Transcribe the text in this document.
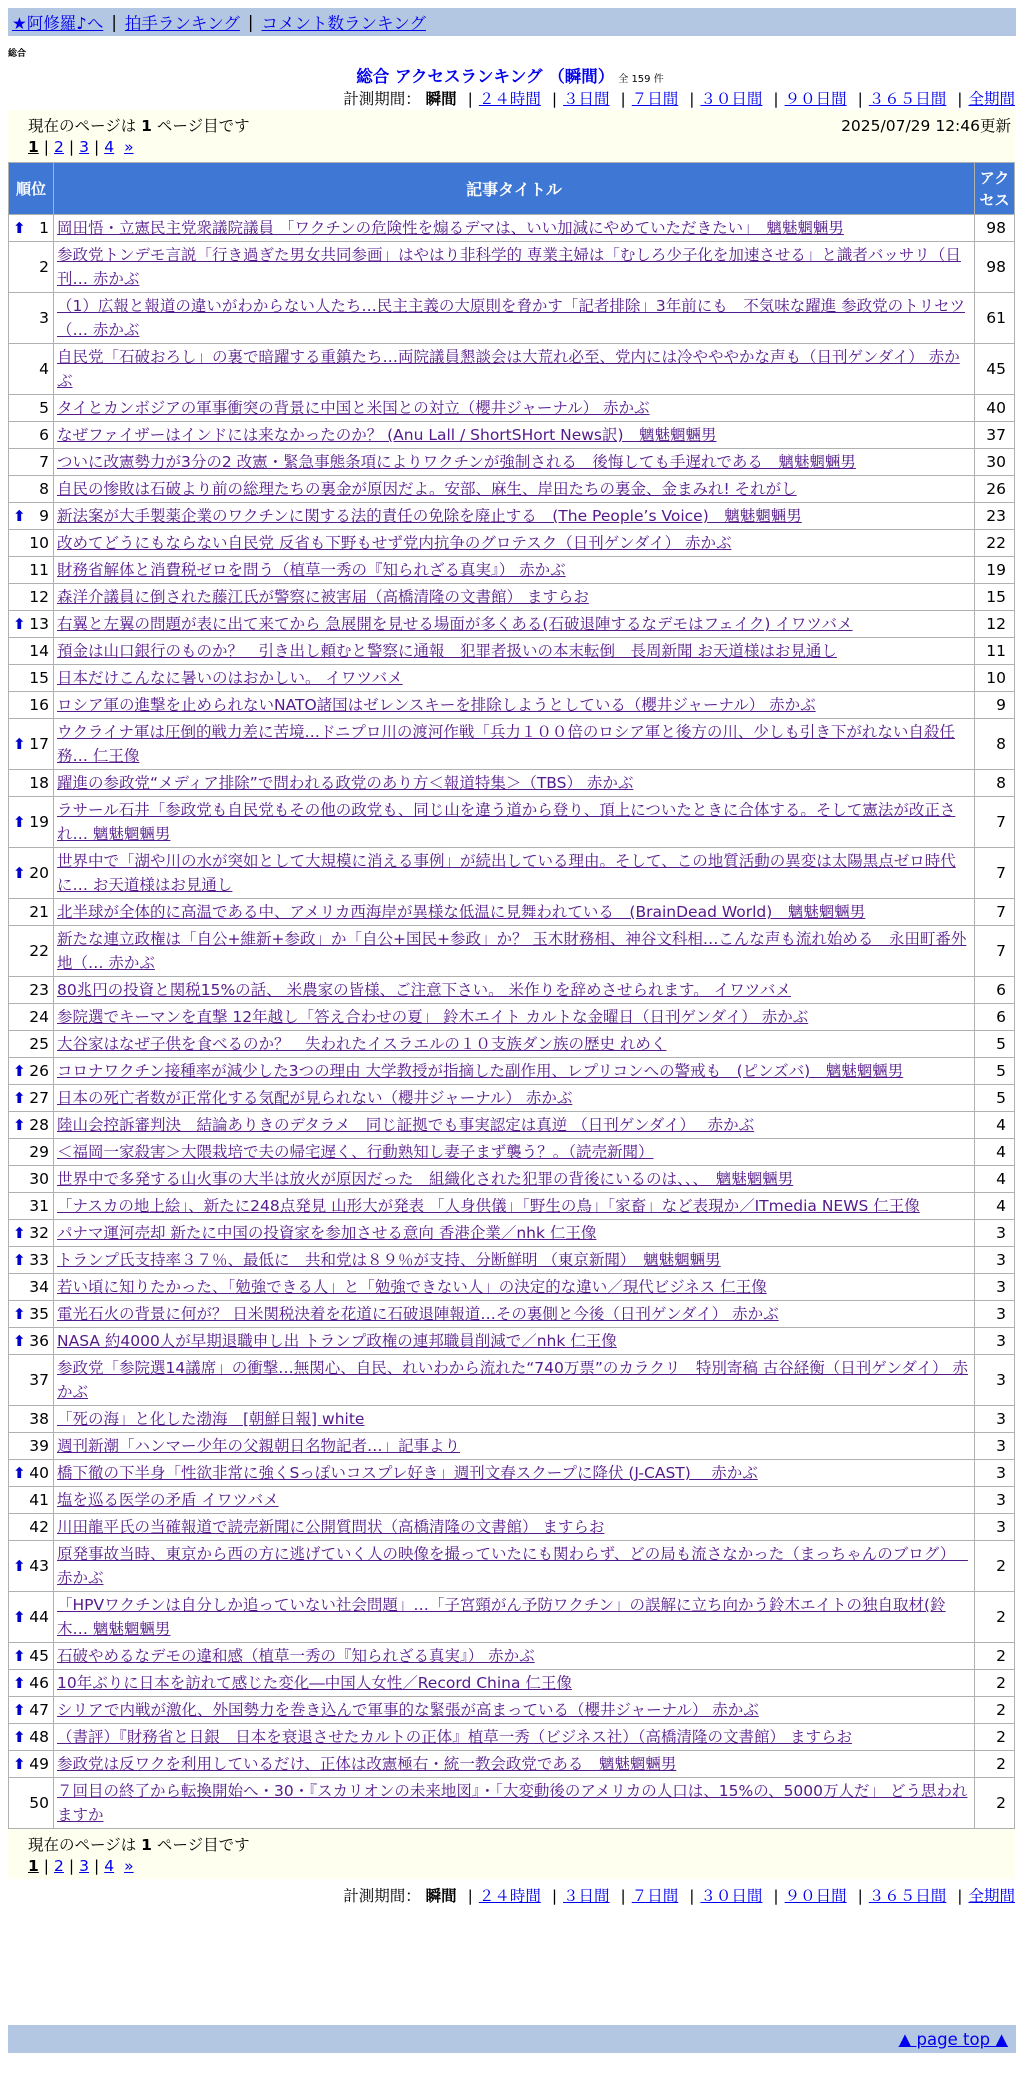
★阿修羅♪へ | 拍手ランキング | コメント数ランキング
総合
総合 アクセスランキング （瞬間） 全 159 件
計測期間： 瞬間 | ２４時間 | ３日間 | ７日間 | ３０日間 | ９０日間 | ３６５日間 | 全期間
現在のページは 1 ページ目です	2025/07/29 12:46更新
1 | 2 | 3 | 4 »
順位	記事タイトル	アクセス

⬆ 1	岡田悟・立憲民主党衆議院議員 「ワクチンの危険性を煽るデマは、いい加減にやめていただきたい」　魑魅魍魎男	98
2	参政党トンデモ言説「行き過ぎた男女共同参画」はやはり非科学的 専業主婦は「むしろ少子化を加速させる」と識者バッサリ（日刊… 赤かぶ	98
3	（1）広報と報道の違いがわからない人たち…民主主義の大原則を脅かす「記者排除」3年前にも　不気味な躍進 参政党のトリセツ（… 赤かぶ	61
4	自民党「石破おろし」の裏で暗躍する重鎮たち…両院議員懇談会は大荒れ必至、党内には冷やややかな声も（日刊ゲンダイ） 赤かぶ	45
5	タイとカンボジアの軍事衝突の背景に中国と米国との対立（櫻井ジャーナル） 赤かぶ	40
6	なぜファイザーはインドには来なかったのか？ (Anu Lall / ShortSHort News訳)　魑魅魍魎男	37
7	ついに改憲勢力が3分の2 改憲・緊急事態条項によりワクチンが強制される　後悔しても手遅れである　魑魅魍魎男	30
8	自民の惨敗は石破より前の総理たちの裏金が原因だよ。安部、麻生、岸田たちの裏金、金まみれ! それがし	26

⬆ 9	新法案が大手製薬企業のワクチンに関する法的責任の免除を廃止する　(The People’s Voice)　魑魅魍魎男	23
10	改めてどうにもならない自民党 反省も下野もせず党内抗争のグロテスク（日刊ゲンダイ） 赤かぶ	22
11	財務省解体と消費税ゼロを問う（植草一秀の『知られざる真実』） 赤かぶ	19
12	森洋介議員に倒された藤江氏が警察に被害届（高橋清隆の文書館） ますらお	15

⬆ 13	右翼と左翼の問題が表に出て来てから 急展開を見せる場面が多くある(石破退陣するなデモはフェイク) イワツバメ	12
14	預金は山口銀行のものか？　引き出し頼むと警察に通報　犯罪者扱いの本末転倒　長周新聞 お天道様はお見通し	11
15	日本だけこんなに暑いのはおかしい。 イワツバメ	10
16	ロシア軍の進撃を止められないNATO諸国はゼレンスキーを排除しようとしている（櫻井ジャーナル） 赤かぶ	9

⬆ 17	ウクライナ軍は圧倒的戦力差に苦境…ドニプロ川の渡河作戦「兵力１００倍のロシア軍と後方の川、少しも引き下がれない自殺任務… 仁王像	8
18	躍進の参政党“メディア排除”で問われる政党のあり方＜報道特集＞（TBS） 赤かぶ	8

⬆ 19	ラサール石井「参政党も自民党もその他の政党も、同じ山を違う道から登り、頂上についたときに合体する。そして憲法が改正され… 魑魅魍魎男	7

⬆ 20	世界中で「湖や川の水が突如として大規模に消える事例」が続出している理由。そして、この地質活動の異変は太陽黒点ゼロ時代に… お天道様はお見通し	7
21	北半球が全体的に高温である中、アメリカ西海岸が異様な低温に見舞われている　(BrainDead World)　魑魅魍魎男	7
22	新たな連立政権は「自公+維新+参政」か「自公+国民+参政」か？ 玉木財務相、神谷文科相…こんな声も流れ始める　永田町番外地（… 赤かぶ	7
23	80兆円の投資と関税15%の話、 米農家の皆様、ご注意下さい。 米作りを辞めさせられます。 イワツバメ	6
24	参院選でキーマンを直撃 12年越し「答え合わせの夏」 鈴木エイト カルトな金曜日（日刊ゲンダイ） 赤かぶ	6
25	大谷家はなぜ子供を食べるのか？　失われたイスラエルの１０支族ダン族の歴史 れめく	5

⬆ 26	コロナワクチン接種率が減少した3つの理由 大学教授が指摘した副作用、レプリコンへの警戒も　(ピンズバ)　魑魅魍魎男	5

⬆ 27	日本の死亡者数が正常化する気配が見られない（櫻井ジャーナル） 赤かぶ	5

⬆ 28	陸山会控訴審判決　結論ありきのデタラメ　同じ証拠でも事実認定は真逆 （日刊ゲンダイ）　 赤かぶ	4
29	＜福岡一家殺害＞大隈栽培で夫の帰宅遅く、行動熟知し妻子まず襲う？。（読売新聞）	4
30	世界中で多発する山火事の大半は放火が原因だった　組織化された犯罪の背後にいるのは、、、　魑魅魍魎男	4
31	「ナスカの地上絵」、新たに248点発見 山形大が発表 「人身供儀」「野生の鳥」「家畜」など表現か／ITmedia NEWS 仁王像	4

⬆ 32	パナマ運河売却 新たに中国の投資家を参加させる意向 香港企業／nhk 仁王像	3

⬆ 33	トランプ氏支持率３７％、最低に　共和党は８９％が支持、分断鮮明 （東京新聞）　魑魅魍魎男	3
34	若い頃に知りたかった、「勉強できる人」と「勉強できない人」の決定的な違い／現代ビジネス 仁王像	3

⬆ 35	電光石火の背景に何が？ 日米関税決着を花道に石破退陣報道…その裏側と今後（日刊ゲンダイ） 赤かぶ	3

⬆ 36	NASA 約4000人が早期退職申し出 トランプ政権の連邦職員削減で／nhk 仁王像	3
37	参政党「参院選14議席」の衝撃…無関心、自民、れいわから流れた“740万票”のカラクリ　特別寄稿 古谷経衡（日刊ゲンダイ） 赤かぶ	3
38	「死の海」と化した渤海　[朝鮮日報] white	3
39	週刊新潮「ハンマー少年の父親朝日名物記者…」記事より	3

⬆ 40	橋下徹の下半身「性欲非常に強くSっぽいコスプレ好き」週刊文春スクープに降伏 (J-CAST)　 赤かぶ	3
41	塩を巡る医学の矛盾 イワツバメ	3
42	川田龍平氏の当確報道で読売新聞に公開質問状（高橋清隆の文書館） ますらお	3

⬆ 43	原発事故当時、東京から西の方に逃げていく人の映像を撮っていたにも関わらず、どの局も流さなかった（まっちゃんのブログ）　 赤かぶ	2

⬆ 44	「HPVワクチンは自分しか追っていない社会問題」…「子宮頸がん予防ワクチン」の誤解に立ち向かう鈴木エイトの独自取材(鈴木… 魑魅魍魎男	2

⬆ 45	石破やめるなデモの違和感（植草一秀の『知られざる真実』） 赤かぶ	2

⬆ 46	10年ぶりに日本を訪れて感じた変化―中国人女性／Record China 仁王像	2

⬆ 47	シリアで内戦が激化、外国勢力を巻き込んで軍事的な緊張が高まっている（櫻井ジャーナル） 赤かぶ	2

⬆ 48	（書評）『財務省と日銀　日本を衰退させたカルトの正体』植草一秀（ビジネス社）（高橋清隆の文書館） ますらお	2

⬆ 49	参政党は反ワクを利用しているだけ、正体は改憲極右・統一教会政党である　魑魅魍魎男	2
50	７回目の終了から転換開始へ・30・『スカリオンの未来地図』・「大変動後のアメリカの人口は、15%の、5000万人だ」 どう思われますか	2
現在のページは 1 ページ目です
1 | 2 | 3 | 4 »
計測期間： 瞬間 | ２４時間 | ３日間 | ７日間 | ３０日間 | ９０日間 | ３６５日間 | 全期間
▲ page top ▲
